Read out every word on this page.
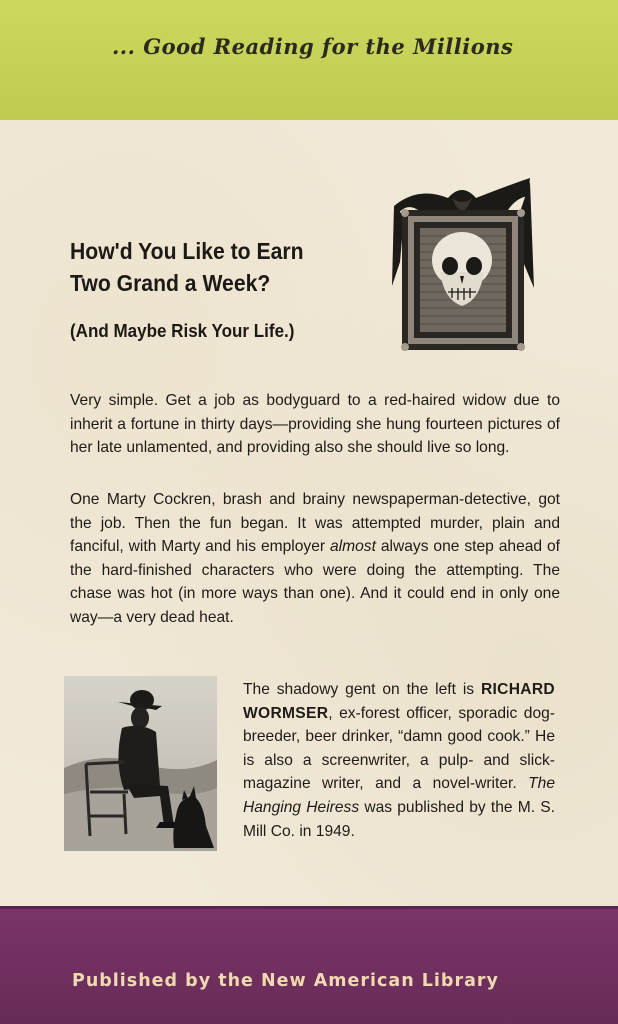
... Good Reading for the Millions
How'd You Like to Earn
Two Grand a Week?
(And Maybe Risk Your Life.)
Very simple. Get a job as bodyguard to a red-haired widow due to inherit a fortune in thirty days—providing she hung fourteen pictures of her late unlamented, and providing also she should live so long.
One Marty Cockren, brash and brainy newspaperman-detective, got the job. Then the fun began. It was attempted murder, plain and fanciful, with Marty and his employer almost always one step ahead of the hard-finished characters who were doing the attempting. The chase was hot (in more ways than one). And it could end in only one way—a very dead heat.
The shadowy gent on the left is RICHARD WORMSER, ex-forest officer, sporadic dog-breeder, beer drinker, “damn good cook.” He is also a screenwriter, a pulp- and slick-magazine writer, and a novel-writer. The Hanging Heiress was published by the M. S. Mill Co. in 1949.
Published by the New American Library
